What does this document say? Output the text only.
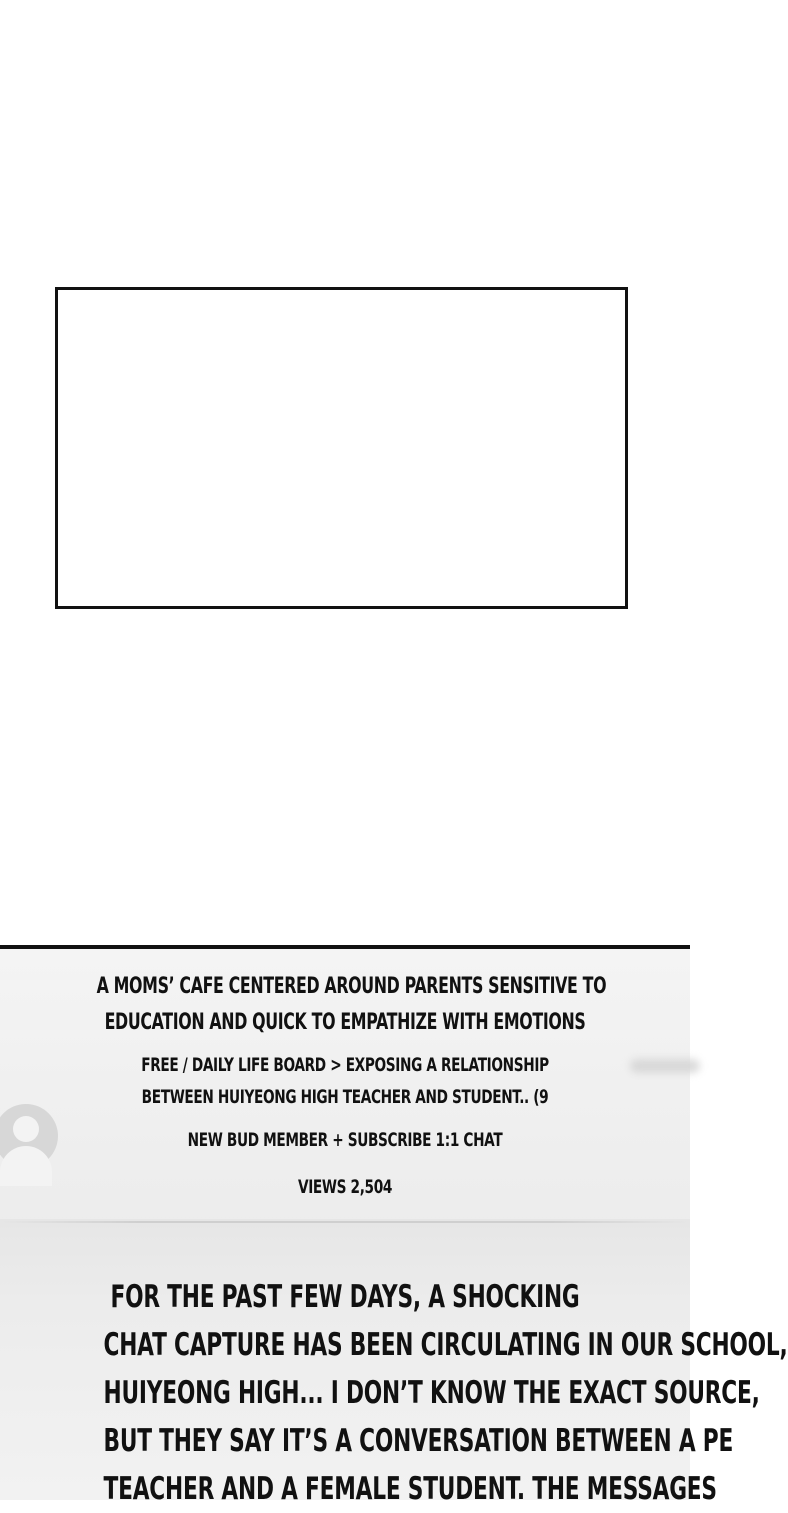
A MOMS’ CAFE CENTERED AROUND PARENTS SENSITIVE TO
EDUCATION AND QUICK TO EMPATHIZE WITH EMOTIONS
FREE / DAILY LIFE BOARD > EXPOSING A RELATIONSHIP
BETWEEN HUIYEONG HIGH TEACHER AND STUDENT.. (9
NEW BUD MEMBER + SUBSCRIBE 1:1 CHAT
VIEWS 2,504
FOR THE PAST FEW DAYS, A SHOCKING
CHAT CAPTURE HAS BEEN CIRCULATING IN OUR SCHOOL,
HUIYEONG HIGH... I DON’T KNOW THE EXACT SOURCE,
BUT THEY SAY IT’S A CONVERSATION BETWEEN A PE
TEACHER AND A FEMALE STUDENT. THE MESSAGES
